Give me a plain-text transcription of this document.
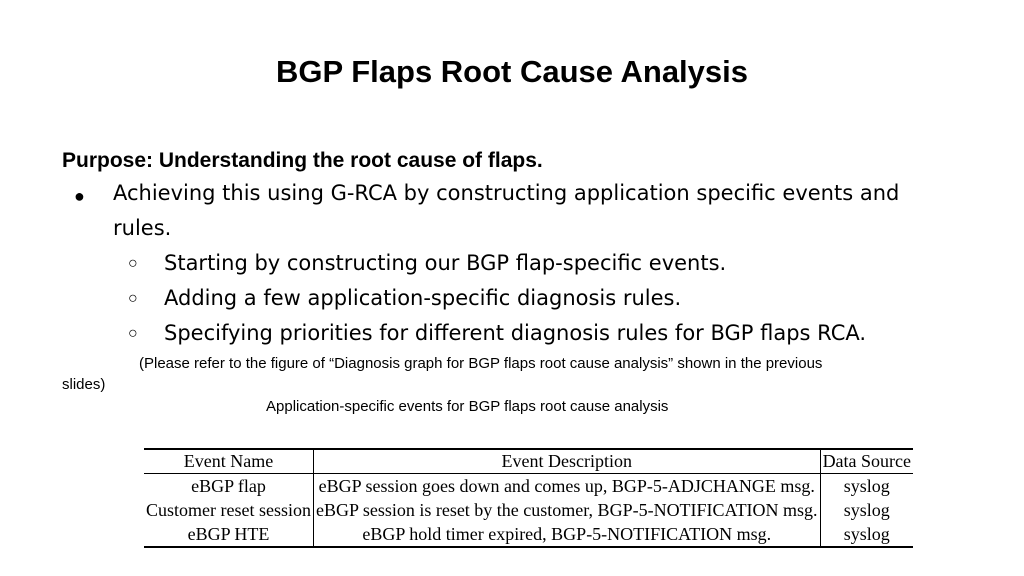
BGP Flaps Root Cause Analysis
Purpose: Understanding the root cause of flaps.
● Achieving this using G-RCA by constructing application specific events and rules.
○ Starting by constructing our BGP flap-specific events.
○ Adding a few application-specific diagnosis rules.
○ Specifying priorities for different diagnosis rules for BGP flaps RCA.
(Please refer to the figure of “Diagnosis graph for BGP flaps root cause analysis” shown in the previous
slides)
Application-specific events for BGP flaps root cause analysis
Event Name	Event Description	Data Source
eBGP flap	eBGP session goes down and comes up, BGP-5-ADJCHANGE msg.	syslog
Customer reset session	eBGP session is reset by the customer, BGP-5-NOTIFICATION msg.	syslog
eBGP HTE	eBGP hold timer expired, BGP-5-NOTIFICATION msg.	syslog
